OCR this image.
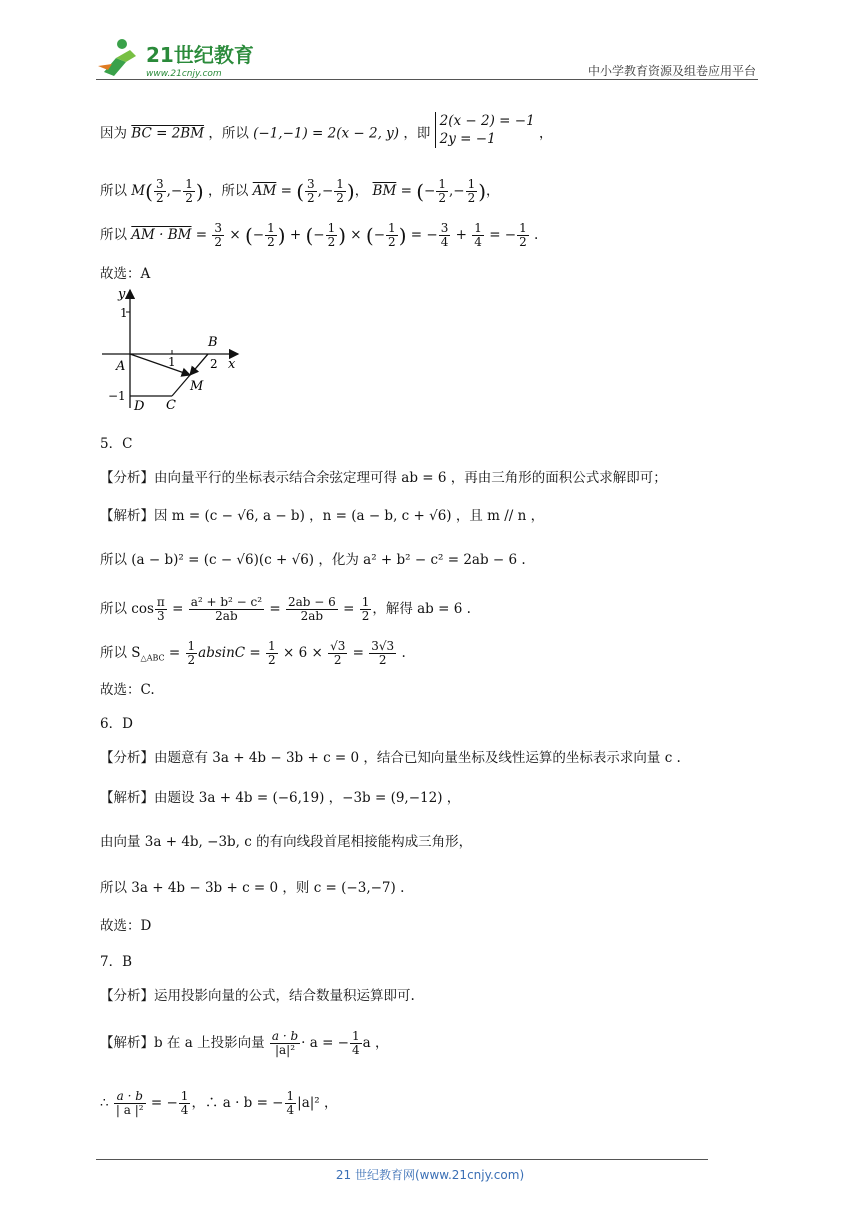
21世纪教育
www.21cnjy.com	中小学教育资源及组卷应用平台
因为 BC = 2BM ，所以 (−1,−1) = 2(x − 2, y) ，即
2(x − 2) = −1
2y = −1	，
所以 $M( \frac{3}{2}$ ,− $\frac{1}{2}$ ) ，所以 $\overline{AM}$ = ( $\frac{3}{2}$ ,− $\frac{1}{2}$ )， $\overline{BM}$ = (− $\frac{1}{2}$ ,− $\frac{1}{2}$ )，
所以 AM · BM = $\frac{3}{2}$ × (− $\frac{1}{2}$ ) + (− $\frac{1}{2}$ ) × (− $\frac{1}{2}$ ) = − $\frac{3}{4} + \frac{1}{4}$ = − $\frac{1}{2}$ .
故选：A
y
x
1
−1
1	2
A
B
C
D
M
5．C
【分析】由向量平行的坐标表示结合余弦定理可得 ab = 6 ，再由三角形的面积公式求解即可；
【解析】因 m = (c − √6, a − b) ，n = (a − b, c + √6) ，且 m // n ，
所以 (a − b)² = (c − √6)(c + √6) ，化为 a² + b² − c² = 2ab − 6 .
所以 $\cos \frac{\pi}{3} = \frac{\text{a² + b² − c²}}{2ab} = \frac{2ab - 6}{2ab} = \frac{1}{2}$ ，解得 ab = 6 .
所以 $S_{\triangle ABC} = \frac{1}{2}$ $absinC = \frac{1}{2} \times 6 \times \frac{√3}{2} = \frac{3√3}{2}$ .
故选：C.
6．D
【分析】由题意有 3a + 4b − 3b + c = 0 ，结合已知向量坐标及线性运算的坐标表示求向量 c .
【解析】由题设 3a + 4b = (−6,19) ，−3b = (9,−12) ，
由向量 3a + 4b, −3b, c 的有向线段首尾相接能构成三角形，
所以 3a + 4b − 3b + c = 0 ，则 c = (−3,−7) .
故选：D
7．B
【分析】运用投影向量的公式，结合数量积运算即可.
【解析】b 在 a 上投影向量 $\frac{a \cdot b}{\text{|a|²}} \cdot a$ = − $\frac{1}{4}$ a ，
∴ $\frac{a \cdot b}{\text{| a |²}}$ = − $\frac{1}{4}$ ，∴ a · b = − $\frac{1}{4} |a|^2$ ，
21 世纪教育网(www.21cnjy.com)
